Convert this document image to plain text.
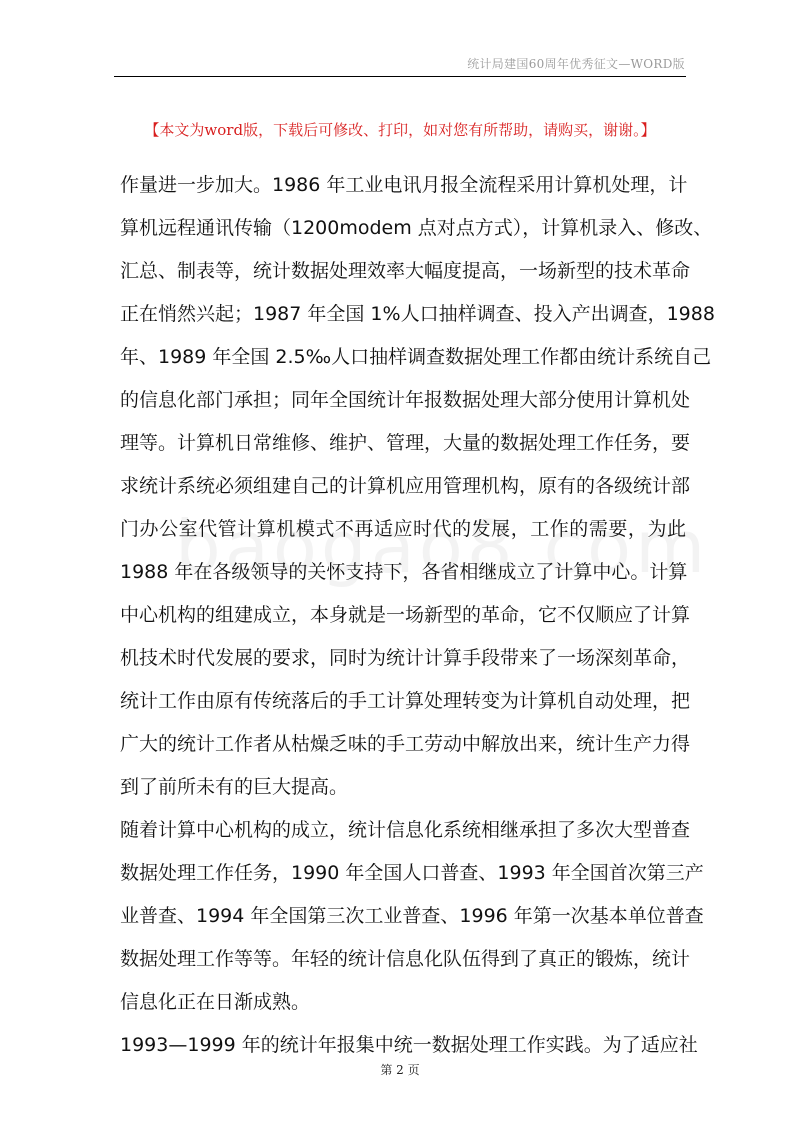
统计局建国60周年优秀征文—WORD版
【本文为word版，下载后可修改、打印，如对您有所帮助，请购买，谢谢。】
作量进一步加大。1986 年工业电讯月报全流程采用计算机处理，计
算机远程通讯传输（1200modem 点对点方式），计算机录入、修改、
汇总、制表等，统计数据处理效率大幅度提高，一场新型的技术革命
正在悄然兴起；1987 年全国 1%人口抽样调查、投入产出调查，1988
年、1989 年全国 2.5‰人口抽样调查数据处理工作都由统计系统自己
的信息化部门承担；同年全国统计年报数据处理大部分使用计算机处
理等。计算机日常维修、维护、管理，大量的数据处理工作任务，要
求统计系统必须组建自己的计算机应用管理机构，原有的各级统计部
门办公室代管计算机模式不再适应时代的发展，工作的需要，为此
1988 年在各级领导的关怀支持下，各省相继成立了计算中心。计算
中心机构的组建成立，本身就是一场新型的革命，它不仅顺应了计算
机技术时代发展的要求，同时为统计计算手段带来了一场深刻革命，
统计工作由原有传统落后的手工计算处理转变为计算机自动处理，把
广大的统计工作者从枯燥乏味的手工劳动中解放出来，统计生产力得
到了前所未有的巨大提高。
随着计算中心机构的成立，统计信息化系统相继承担了多次大型普查
数据处理工作任务，1990 年全国人口普查、1993 年全国首次第三产
业普查、1994 年全国第三次工业普查、1996 年第一次基本单位普查
数据处理工作等等。年轻的统计信息化队伍得到了真正的锻炼，统计
信息化正在日渐成熟。
1993—1999 年的统计年报集中统一数据处理工作实践。为了适应社
第 2 页
